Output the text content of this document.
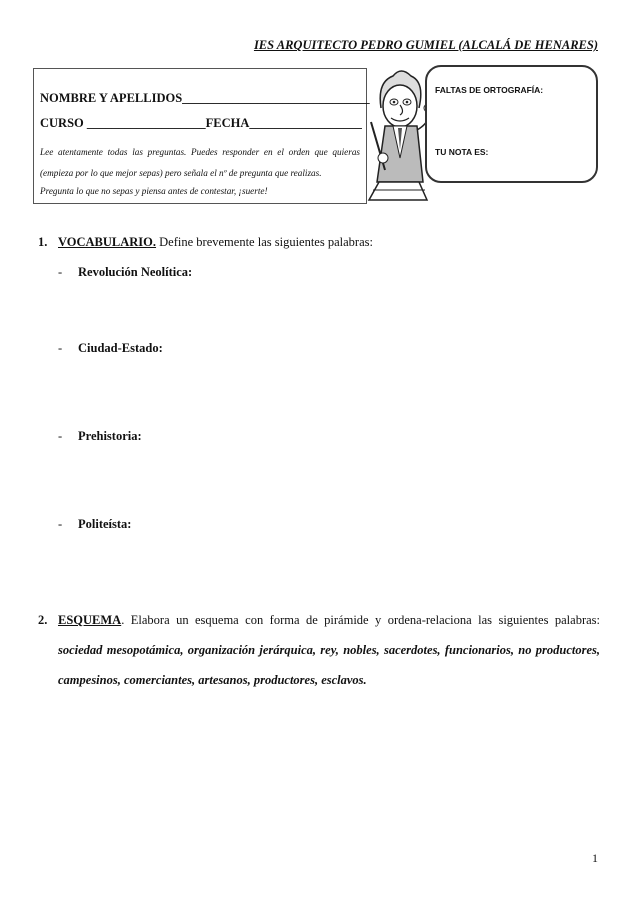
IES ARQUITECTO PEDRO GUMIEL (ALCALÁ DE HENARES)

NOMBRE Y APELLIDOS______________________________

CURSO ___________________FECHA__________________

Lee atentamente todas las preguntas. Puedes responder en el orden que quieras (empieza por lo que mejor sepas) pero señala el nº de pregunta que realizas.

Pregunta lo que no sepas y piensa antes de contestar, ¡suerte!

FALTAS DE ORTOGRAFÍA:
TU NOTA ES:
1. VOCABULARIO. Define brevemente las siguientes palabras:
- Revolución Neolítica:
- Ciudad-Estado:
- Prehistoria:
- Politeísta:
2. ESQUEMA. Elabora un esquema con forma de pirámide y ordena-relaciona las siguientes palabras: sociedad mesopotámica, organización jerárquica, rey, nobles, sacerdotes, funcionarios, no productores, campesinos, comerciantes, artesanos, productores, esclavos.
1
